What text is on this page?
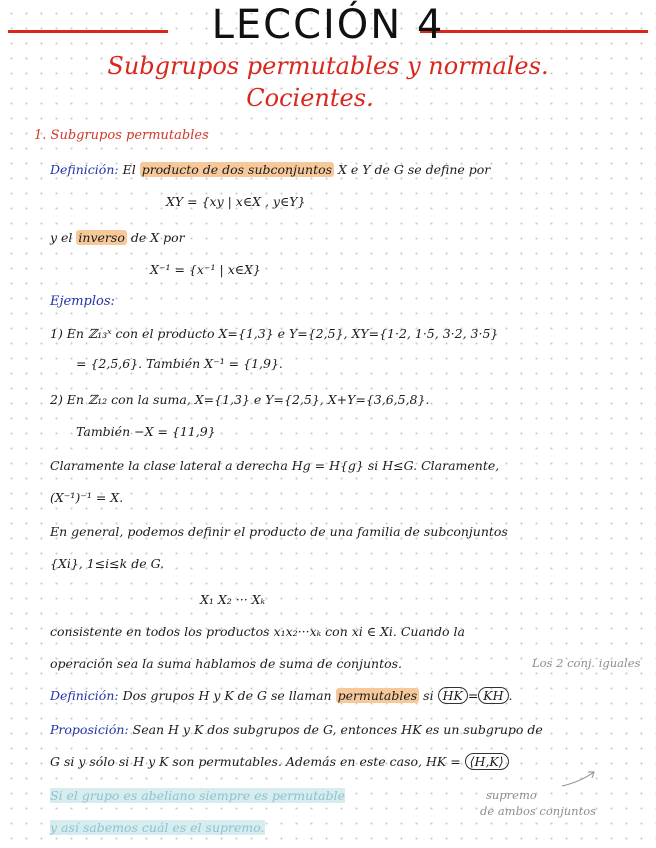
LECCIÓN 4
Subgrupos permutables y normales.
Cocientes.
1. Subgrupos permutables
Definición: El producto de dos subconjuntos X e Y de G se define por
XY = {xy | x∈X , y∈Y}
y el inverso de X por
X⁻¹ = {x⁻¹ | x∈X}
Ejemplos:
1) En ℤ₁₃ˣ con el producto X={1,3} e Y={2,5}, XY={1·2, 1·5, 3·2, 3·5}
= {2,5,6}. También X⁻¹ = {1,9}.
2) En ℤ₁₂ con la suma, X={1,3} e Y={2,5}, X+Y={3,6,5,8}.
También −X = {11,9}
Claramente la clase lateral a derecha Hg = H{g} si H≤G. Claramente,
(X⁻¹)⁻¹ = X.
En general, podemos definir el producto de una familia de subconjuntos
{Xi}, 1≤i≤k de G.
X₁ X₂ ··· Xₖ
consistente en todos los productos x₁x₂···xₖ con xi ∈ Xi. Cuando la
operación sea la suma hablamos de suma de conjuntos.	Los 2 conj. iguales
Definición: Dos grupos H y K de G se llaman permutables si HK = KH .
Proposición: Sean H y K dos subgrupos de G, entonces HK es un subgrupo de
G si y sólo si H y K son permutables. Además en este caso, HK = ⟨H,K⟩
Si el grupo es abeliano siempre es permutable
y así sabemos cuál es el supremo.
supremo
de ambos conjuntos
